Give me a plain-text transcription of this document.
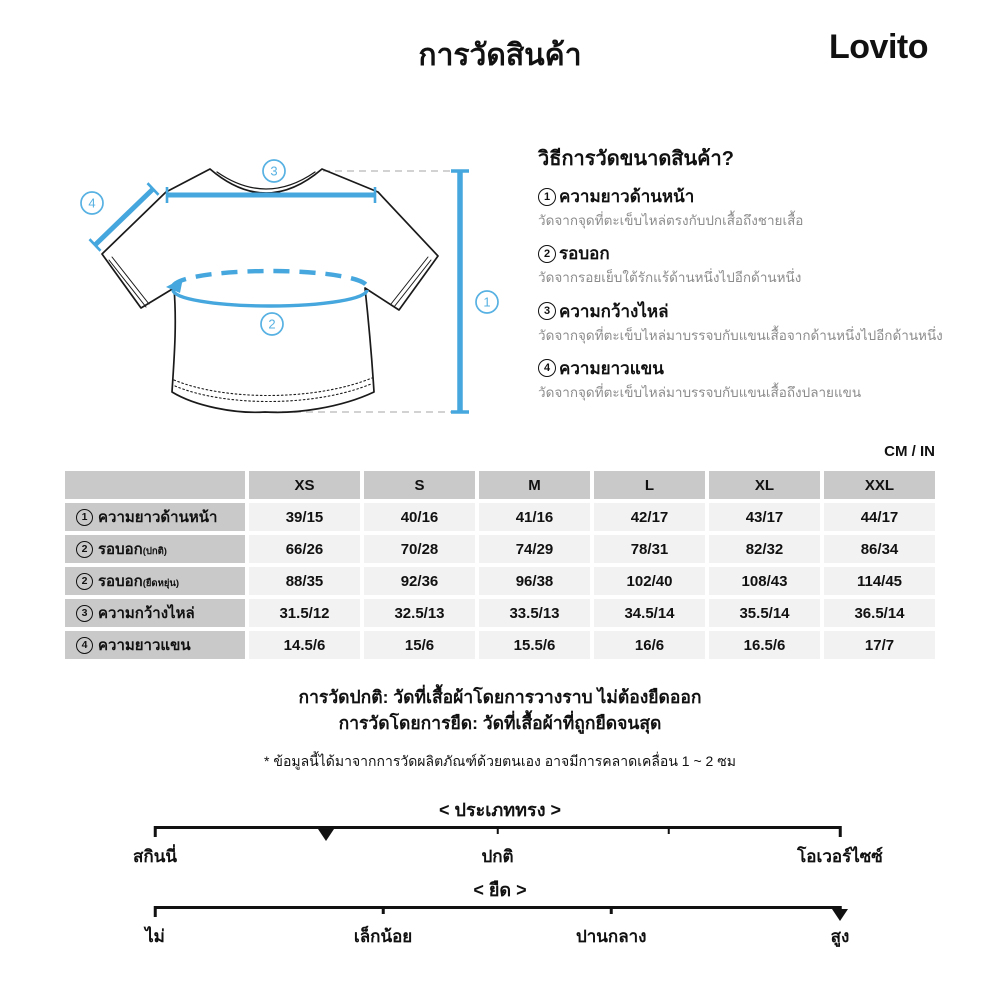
การวัดสินค้า	Lovito
3
4
2
1
วิธีการวัดขนาดสินค้า?
1 ความยาวด้านหน้า
วัดจากจุดที่ตะเข็บไหล่ตรงกับปกเสื้อถึงชายเสื้อ
2 รอบอก
วัดจากรอยเย็บใต้รักแร้ด้านหนึ่งไปอีกด้านหนึ่ง
3 ความกว้างไหล่
วัดจากจุดที่ตะเข็บไหล่มาบรรจบกับแขนเสื้อจากด้านหนึ่งไปอีกด้านหนึ่ง
4 ความยาวแขน
วัดจากจุดที่ตะเข็บไหล่มาบรรจบกับแขนเสื้อถึงปลายแขน
CM / IN
XS	S	M	L	XL	XXL
1 ความยาวด้านหน้า	39/15	40/16	41/16	42/17	43/17	44/17
2 รอบอก (ปกติ)	66/26	70/28	74/29	78/31	82/32	86/34
2 รอบอก (ยืดหยุ่น)	88/35	92/36	96/38	102/40	108/43	114/45
3 ความกว้างไหล่	31.5/12	32.5/13	33.5/13	34.5/14	35.5/14	36.5/14
4 ความยาวแขน	14.5/6	15/6	15.5/6	16/6	16.5/6	17/7
การวัดปกติ: วัดที่เสื้อผ้าโดยการวางราบ ไม่ต้องยืดออก
การวัดโดยการยืด: วัดที่เสื้อผ้าที่ถูกยืดจนสุด
* ข้อมูลนี้ได้มาจากการวัดผลิตภัณฑ์ด้วยตนเอง อาจมีการคลาดเคลื่อน 1 ~ 2 ซม
< ประเภททรง >
สกินนี่	ปกติ	โอเวอร์ไซซ์
< ยืด >
ไม่	เล็กน้อย	ปานกลาง	สูง
